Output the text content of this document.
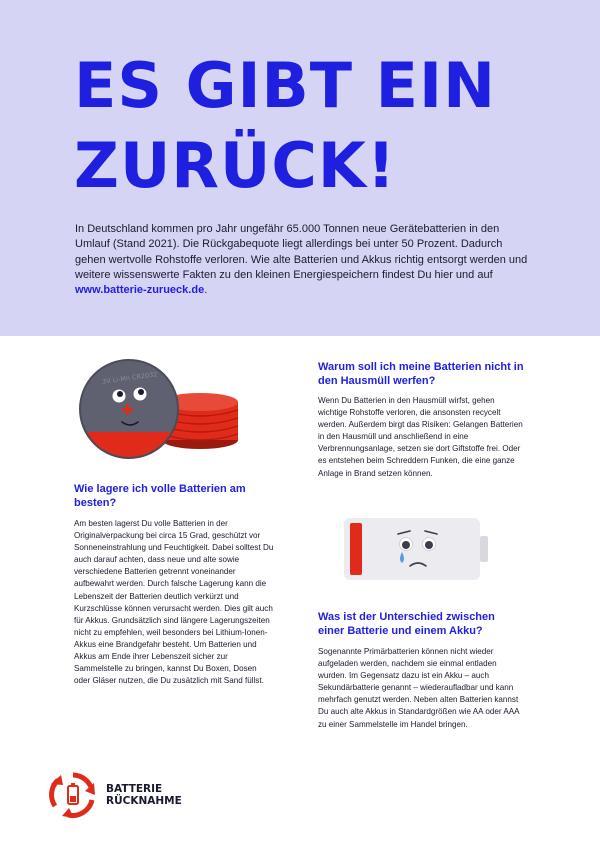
ES GIBT EIN
ZURÜCK!

In Deutschland kommen pro Jahr ungefähr 65.000 Tonnen neue Gerätebatterien in den Umlauf (Stand 2021). Die Rückgabequote liegt allerdings bei unter 50 Prozent. Dadurch gehen wertvolle Rohstoffe verloren. Wie alte Batterien und Akkus richtig entsorgt werden und weitere wissenswerte Fakten zu den kleinen Energiespeichern findest Du hier und auf www.batterie-zurueck.de.

3V Li-Mn CR2032
Wie lagere ich volle Batterien am besten?

Am besten lagerst Du volle Batterien in der Originalverpackung bei circa 15 Grad, geschützt vor Sonneneinstrahlung und Feuchtigkeit. Dabei solltest Du auch darauf achten, dass neue und alte sowie verschiedene Batterien getrennt voneinander aufbewahrt werden. Durch falsche Lagerung kann die Lebenszeit der Batterien deutlich verkürzt und Kurzschlüsse können verursacht werden. Dies gilt auch für Akkus. Grundsätzlich sind längere Lagerungszeiten nicht zu empfehlen, weil besonders bei Lithium-Ionen-Akkus eine Brandgefahr besteht. Um Batterien und Akkus am Ende ihrer Lebenszeit sicher zur Sammelstelle zu bringen, kannst Du Boxen, Dosen oder Gläser nutzen, die Du zusätzlich mit Sand füllst.

Warum soll ich meine Batterien nicht in den Hausmüll werfen?

Wenn Du Batterien in den Hausmüll wirfst, gehen wichtige Rohstoffe verloren, die ansonsten recycelt werden. Außerdem birgt das Risiken: Gelangen Batterien in den Hausmüll und anschließend in eine Verbrennungsanlage, setzen sie dort Giftstoffe frei. Oder es entstehen beim Schreddern Funken, die eine ganze Anlage in Brand setzen können.

Was ist der Unterschied zwischen einer Batterie und einem Akku?

Sogenannte Primärbatterien können nicht wieder aufgeladen werden, nachdem sie einmal entladen wurden. Im Gegensatz dazu ist ein Akku – auch Sekundärbatterie genannt – wiederaufladbar und kann mehrfach genutzt werden. Neben alten Batterien kannst Du auch alte Akkus in Standardgrößen wie AA oder AAA zu einer Sammelstelle im Handel bringen.

BATTERIE
RÜCKNAHME
